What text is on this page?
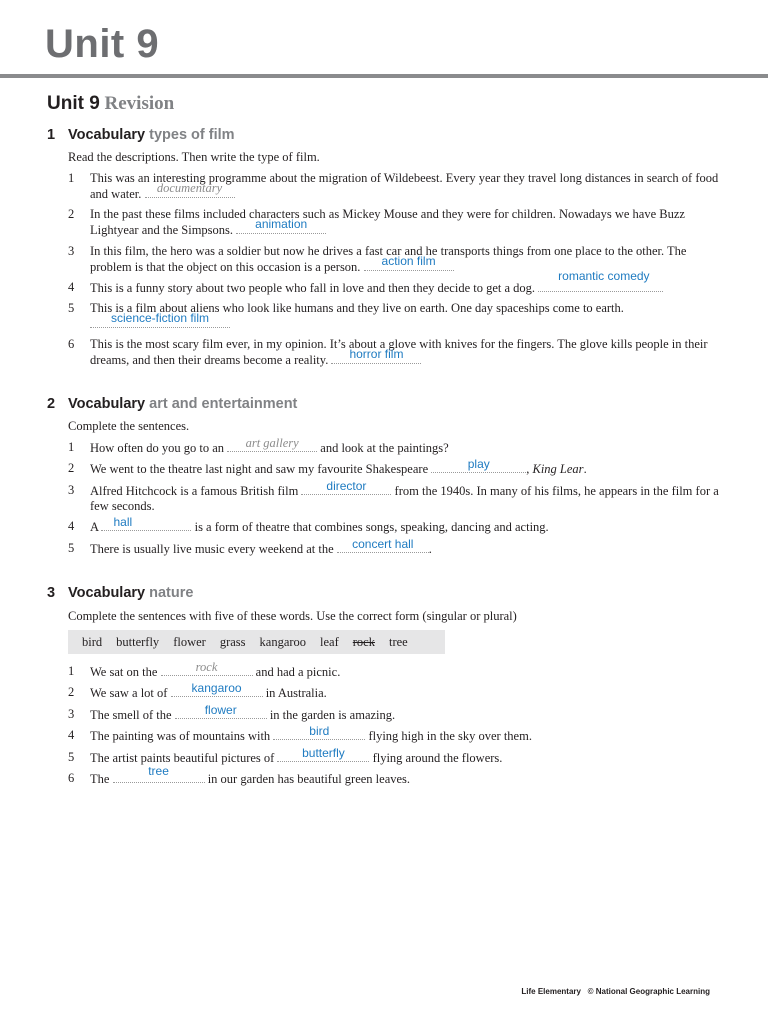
Unit 9
Unit 9 Revision
1 Vocabulary types of film
Read the descriptions. Then write the type of film.
1 This was an interesting programme about the migration of Wildebeest. Every year they travel long distances in search of food and water.	documentary
2 In the past these films included characters such as Mickey Mouse and they were for children. Nowadays we have Buzz Lightyear and the Simpsons.	animation
3 In this film, the hero was a soldier but now he drives a fast car and he transports things from one place to the other. The problem is that the object on this occasion is a person.	action film
4 This is a funny story about two people who fall in love and then they decide to get a dog.
romantic comedy
5 This is a film about aliens who look like humans and they live on earth. One day spaceships come to earth.
science-fiction film
6 This is the most scary film ever, in my opinion. It’s about a glove with knives for the fingers. The glove kills people in their dreams, and then their dreams become a reality.	horror film
2 Vocabulary art and entertainment
Complete the sentences.
1 How often do you go to an	art gallery	and look at the paintings?
2 We went to the theatre last night and saw my favourite Shakespeare	play	, King Lear.
3 Alfred Hitchcock is a famous British film	director	from the 1940s. In many of his films, he appears in the film for a few seconds.
4 A hall	is a form of theatre that combines songs, speaking, dancing and acting.
5 There is usually live music every weekend at the	concert hall	.
3 Vocabulary nature
Complete the sentences with five of these words. Use the correct form (singular or plural)
bird butterfly flower grass kangaroo leaf rock tree
1 We sat on the	rock	and had a picnic.
2 We saw a lot of	kangaroo	in Australia.
3 The smell of the	flower	in the garden is amazing.
4 The painting was of mountains with	bird	flying high in the sky over them.
5 The artist paints beautiful pictures of	butterfly	flying around the flowers.
6 The
tree
in our garden has beautiful green leaves.
Life Elementary © National Geographic Learning
